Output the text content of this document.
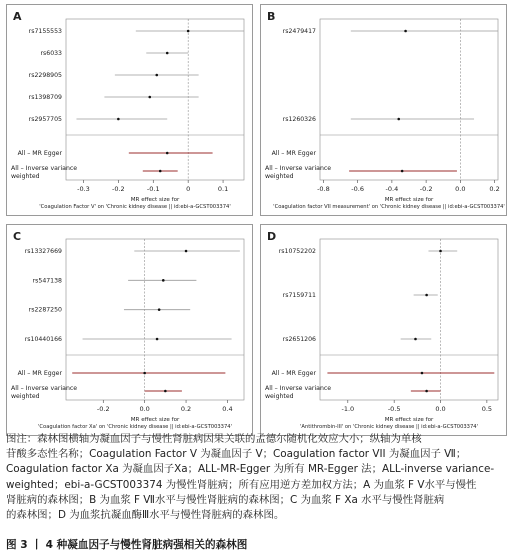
A
rs7155553
rs6033
rs2298905
rs1398709
rs2957705
All – MR Egger
All – Inverse variance
weighted
-0.3	-0.2	-0.1	0	0.1
MR effect size for
'Coagulation Factor V' on 'Chronic kidney disease || id:ebi-a-GCST003374'
B
rs2479417
rs1260326
All – MR Egger
All – Inverse variance
weighted
-0.8	-0.6	-0.4	-0.2	0.0	0.2
MR effect size for
'Coagulation factor VII measurement' on 'Chronic kidney disease || id:ebi-a-GCST003374'
C
rs13327669
rs547138
rs2287250
rs10440166
All – MR Egger
All – Inverse variance
weighted
-0.2	0.0	0.2	0.4
MR effect size for
'Coagulation factor Xa' on 'Chronic kidney disease || id:ebi-a-GCST003374'
D
rs10752202
rs7159711
rs2651206
All – MR Egger
All – Inverse variance
weighted
-1.0	-0.5	0.0	0.5
MR effect size for
'Antithrombin-III' on 'Chronic kidney disease || id:ebi-a-GCST003374'

图注：森林图横轴为凝血因子与慢性肾脏病因果关联的孟德尔随机化效应大小；纵轴为单核

苷酸多态性名称；Coagulation Factor V 为凝血因子 V；Coagulation factor VII 为凝血因子 Ⅶ；

Coagulation factor Xa 为凝血因子Ⅹa；ALL-MR-Egger 为所有 MR-Egger 法；ALL-inverse variance-

weighted；ebi-a-GCST003374 为慢性肾脏病；所有应用逆方差加权方法；A 为血浆 F Ⅴ水平与慢性

肾脏病的森林图；B 为血浆 F Ⅶ水平与慢性肾脏病的森林图；C 为血浆 F Ⅹa 水平与慢性肾脏病

的森林图；D 为血浆抗凝血酶Ⅲ水平与慢性肾脏病的森林图。

图 3 丨 4 种凝血因子与慢性肾脏病强相关的森林图
